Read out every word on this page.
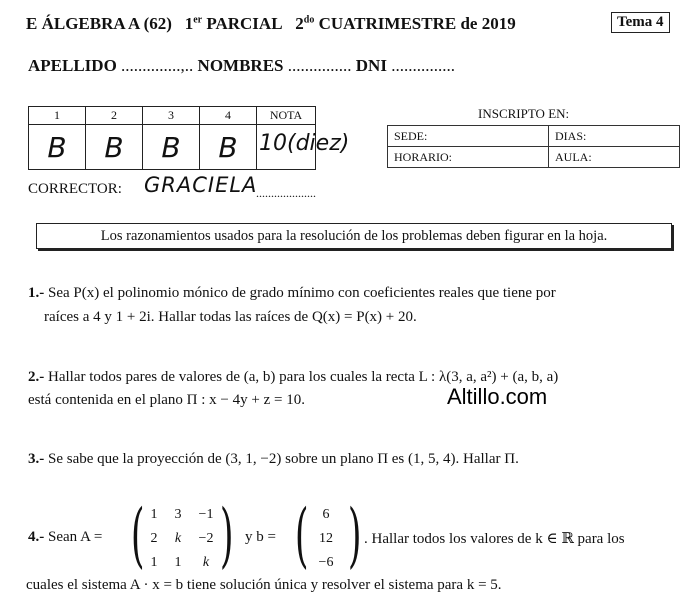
E ÁLGEBRA A (62) 1er PARCIAL $2^{do}$ CUATRIMESTRE de 2019	Tema 4
APELLIDO ..............,.. NOMBRES ............... DNI ...............
1	2	3	4	NOTA
B	B	B	B	10(diez)
INSCRIPTO EN:
SEDE:	DIAS:
HORARIO:	AULA:
CORRECTOR: GRACIELA
....................
Los razonamientos usados para la resolución de los problemas deben figurar en la hoja.
1.- Sea P(x) el polinomio mónico de grado mínimo con coeficientes reales que tiene por
raíces a 4 y 1 + 2i. Hallar todas las raíces de Q(x) = P(x) + 20.
2.- Hallar todos pares de valores de (a, b) para los cuales la recta L : λ(3, a, a²) + (a, b, a)
está contenida en el plano Π : x − 4y + z = 10.	Altillo.com
3.- Se sabe que la proyección de (3, 1, −2) sobre un plano Π es (1, 5, 4). Hallar Π.
4.- Sean A = ( 1	3	−1
2	k	−2
1	1	k ) y b = (	6
12
−6 ) . Hallar todos los valores de k ∈ ℝ para los
cuales el sistema A · x = b tiene solución única y resolver el sistema para k = 5.
